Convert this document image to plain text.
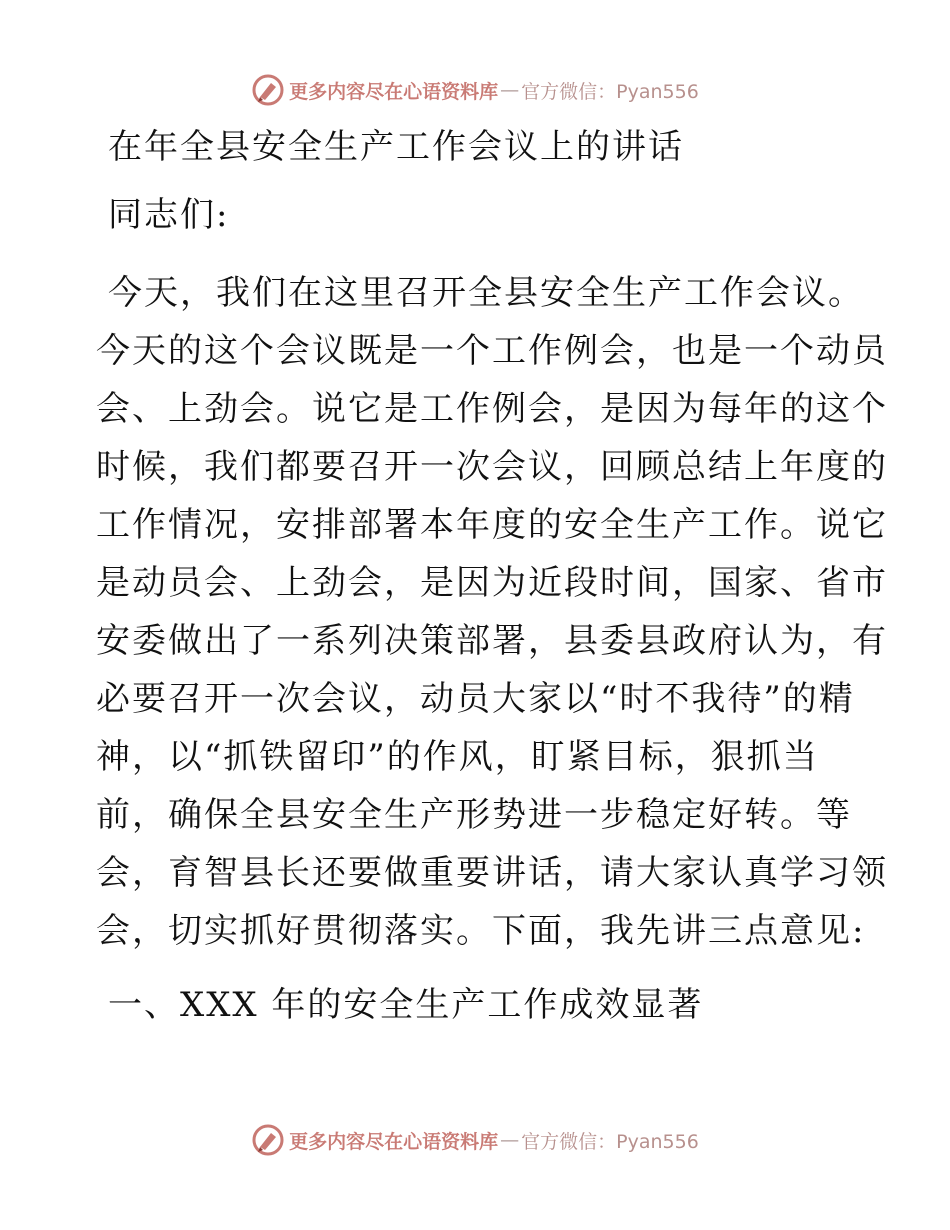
更多内容尽在心语资料库 — 官方微信：Pyan556
在年全县安全生产工作会议上的讲话
同志们:
今天，我们在这里召开全县安全生产工作会议。
今天的这个会议既是一个工作例会，也是一个动员
会、上劲会。说它是工作例会，是因为每年的这个
时候，我们都要召开一次会议，回顾总结上年度的
工作情况，安排部署本年度的安全生产工作。说它
是动员会、上劲会，是因为近段时间，国家、省市
安委做出了一系列决策部署，县委县政府认为，有
必要召开一次会议，动员大家以“时不我待”的精
神，以“抓铁留印”的作风，盯紧目标，狠抓当
前，确保全县安全生产形势进一步稳定好转。等
会，育智县长还要做重要讲话，请大家认真学习领
会，切实抓好贯彻落实。下面，我先讲三点意见:
一、XXX 年的安全生产工作成效显著
更多内容尽在心语资料库 — 官方微信：Pyan556
